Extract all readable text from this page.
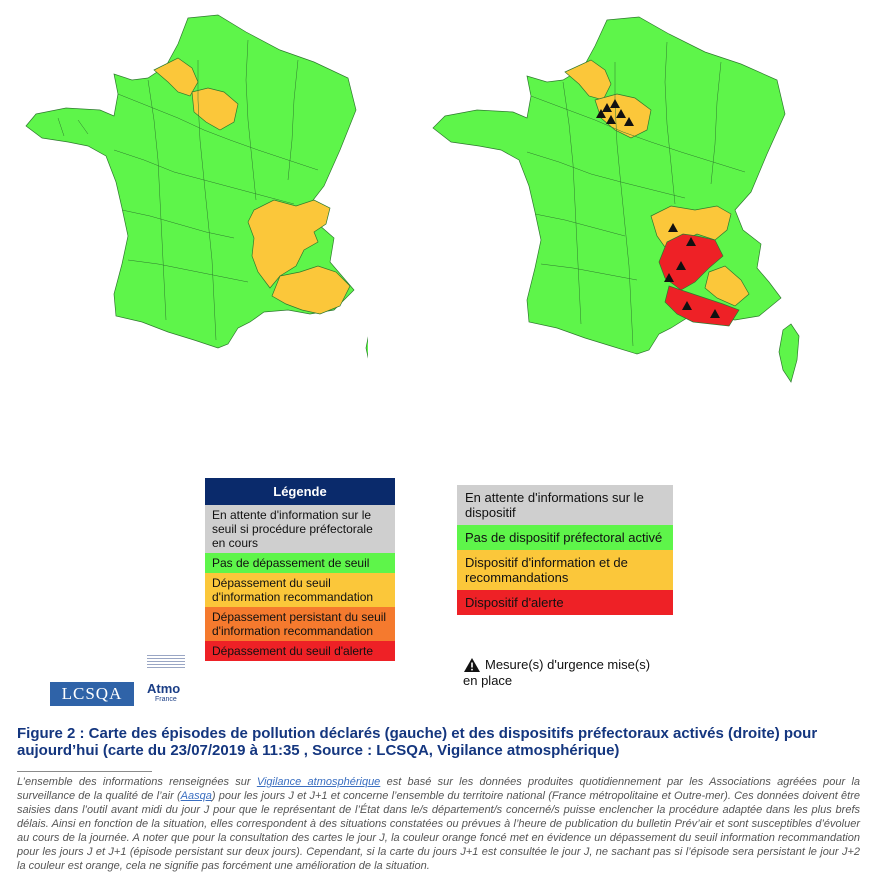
Légende
En attente d'information sur le seuil si procédure préfectorale en cours
Pas de dépassement de seuil
Dépassement du seuil d'information recommandation
Dépassement persistant du seuil d'information recommandation
Dépassement du seuil d'alerte
En attente d'informations sur le dispositif
Pas de dispositif préfectoral activé
Dispositif d'information et de recommandations
Dispositif d'alerte
Mesure(s) d'urgence mise(s) en place
LCSQA	Atmo
France
Figure 2 : Carte des épisodes de pollution déclarés (gauche) et des dispositifs préfectoraux activés (droite) pour aujourd’hui (carte du 23/07/2019 à 11:35 , Source : LCSQA, Vigilance atmosphérique)
L’ensemble des informations renseignées sur Vigilance atmosphérique est basé sur les données produites quotidiennement par les Associations agréées pour la surveillance de la qualité de l’air (Aasqa) pour les jours J et J+1 et concerne l’ensemble du territoire national (France métropolitaine et Outre-mer). Ces données doivent être saisies dans l’outil avant midi du jour J pour que le représentant de l’État dans le/s département/s concerné/s puisse enclencher la procédure adaptée dans les plus brefs délais. Ainsi en fonction de la situation, elles correspondent à des situations constatées ou prévues à l’heure de publication du bulletin Prév’air et sont susceptibles d’évoluer au cours de la journée. A noter que pour la consultation des cartes le jour J, la couleur orange foncé met en évidence un dépassement du seuil information recommandation pour les jours J et J+1 (épisode persistant sur deux jours). Cependant, si la carte du jours J+1 est consultée le jour J, ne sachant pas si l’épisode sera persistant le jour J+2 la couleur est orange, cela ne signifie pas forcément une amélioration de la situation.
